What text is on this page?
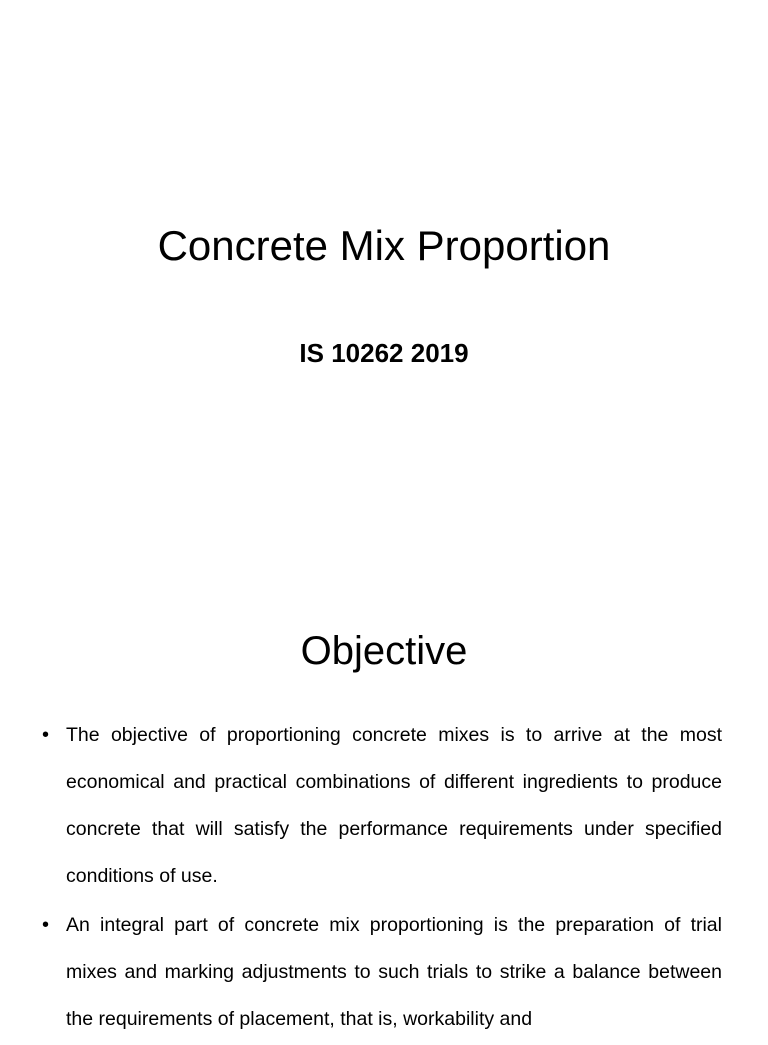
Concrete Mix Proportion
IS 10262 2019
Objective
• The objective of proportioning concrete mixes is to arrive at the most economical and practical combinations of different ingredients to produce concrete that will satisfy the performance requirements under specified conditions of use.
• An integral part of concrete mix proportioning is the preparation of trial mixes and marking adjustments to such trials to strike a balance between the requirements of placement, that is, workability and
